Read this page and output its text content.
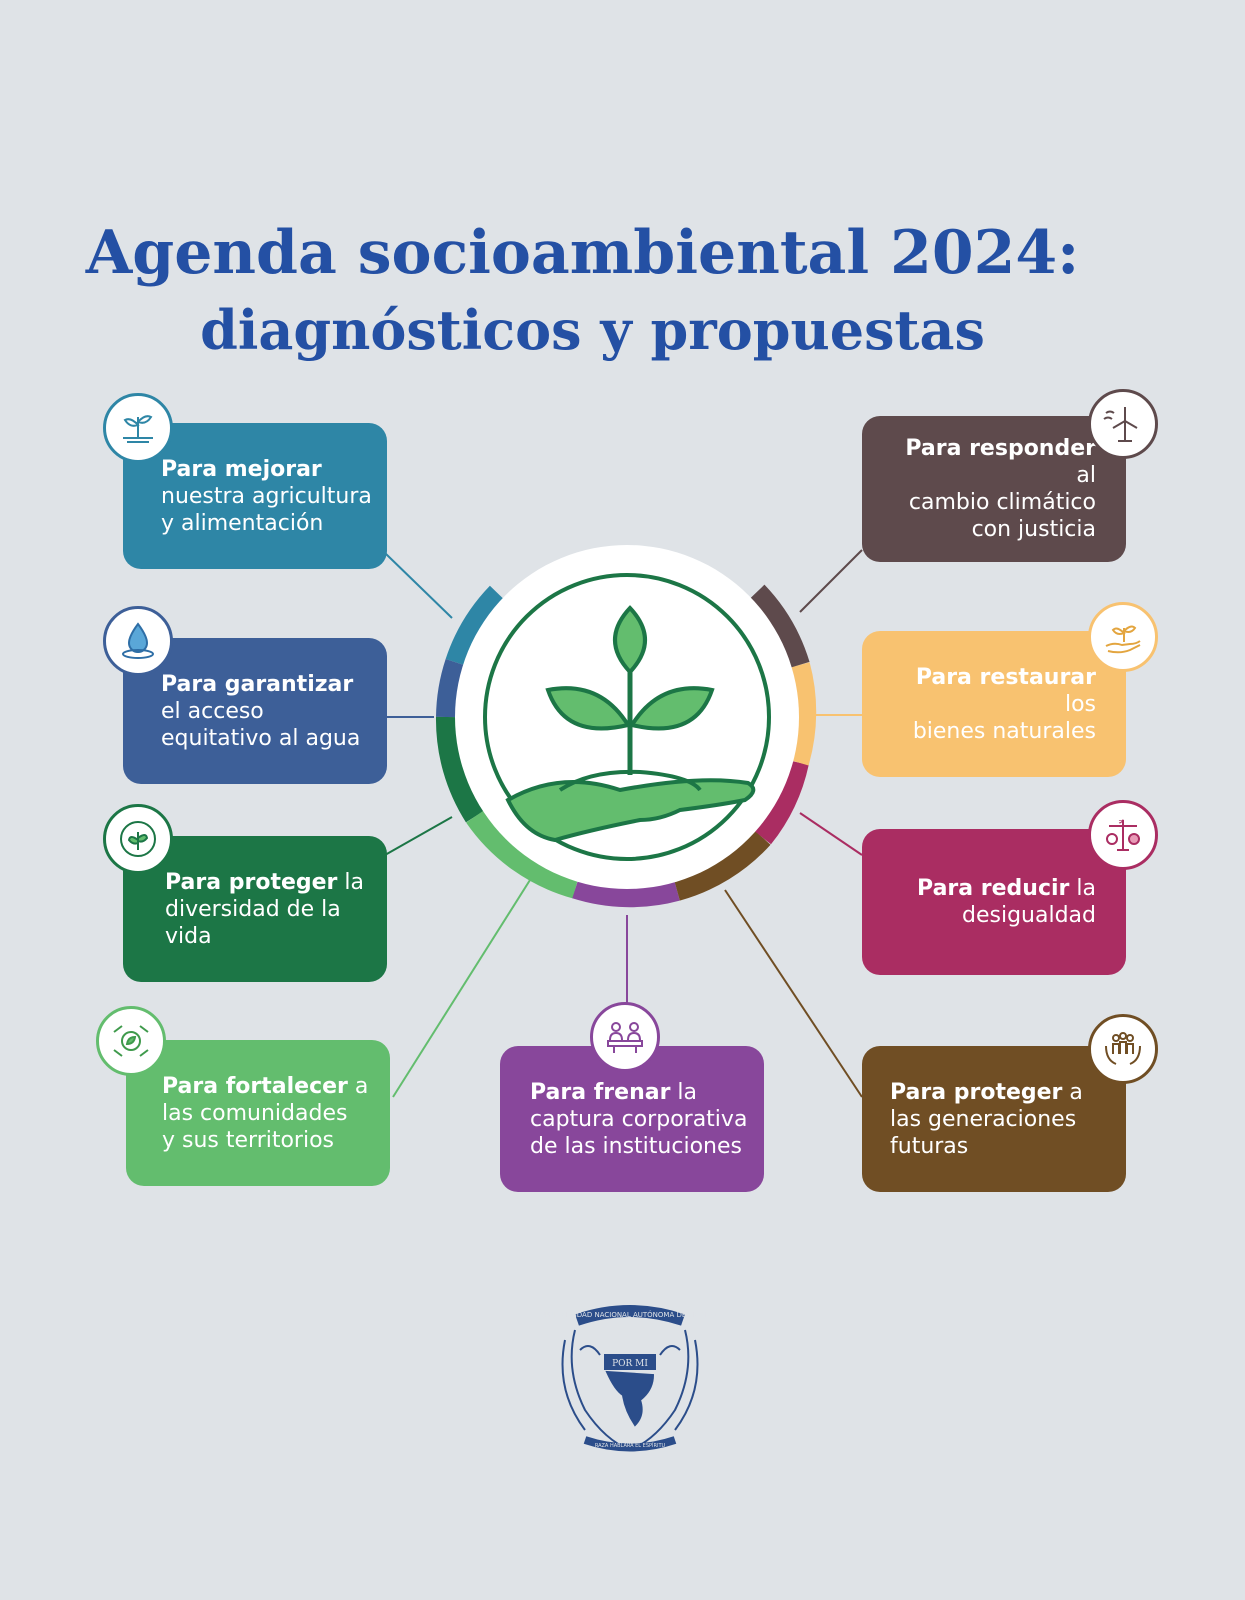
Agenda socioambiental 2024:
diagnósticos y propuestas
Para mejorar
nuestra agricultura
y alimentación
Para garantizar
el acceso
equitativo al agua
Para proteger la
diversidad de la
vida
Para fortalecer a
las comunidades
y sus territorios
Para frenar la
captura corporativa
de las instituciones
Para responder al
cambio climático
con justicia
Para restaurar los
bienes naturales
Para reducir la
desigualdad
≠
Para proteger a
las generaciones
futuras
UNIVERSIDAD NACIONAL AUTÓNOMA DE MÉXICO
POR MI
RAZA HABLARÁ EL ESPÍRITU
